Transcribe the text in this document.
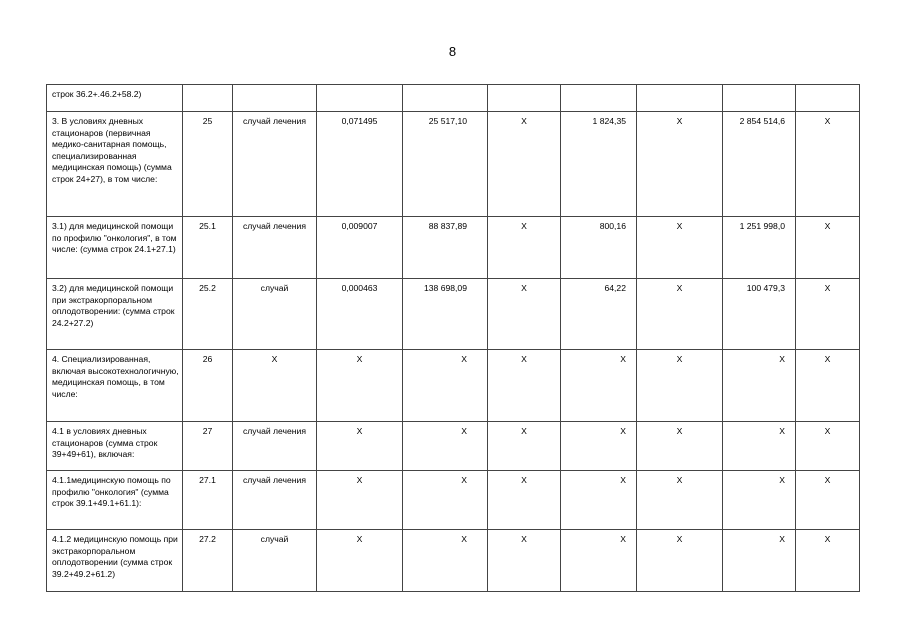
8
строк 36.2+.46.2+58.2)									
3. В условиях дневных стационаров (первичная медико-санитарная помощь, специализированная медицинская помощь) (сумма строк 24+27), в том числе:	25	случай лечения	0,071495	25 517,10	Х	1 824,35	Х	2 854 514,6	Х
3.1) для медицинской помощи по профилю "онкология", в том числе: (сумма строк 24.1+27.1)	25.1	случай лечения	0,009007	88 837,89	Х	800,16	Х	1 251 998,0	Х
3.2) для медицинской помощи при экстракорпоральном оплодотворении: (сумма строк 24.2+27.2)	25.2	случай	0,000463	138 698,09	Х	64,22	Х	100 479,3	Х
4. Специализированная, включая высокотехнологичную, медицинская помощь, в том числе:	26	Х	Х	Х	Х	Х	Х	Х	Х
4.1 в условиях дневных стационаров (сумма строк 39+49+61), включая:	27	случай лечения	Х	Х	Х	Х	Х	Х	Х
4.1.1медицинскую помощь по профилю "онкология" (сумма строк 39.1+49.1+61.1):	27.1	случай лечения	Х	Х	Х	Х	Х	Х	Х
4.1.2 медицинскую помощь при экстракорпоральном оплодотворении (сумма строк 39.2+49.2+61.2)	27.2	случай	Х	Х	Х	Х	Х	Х	Х
